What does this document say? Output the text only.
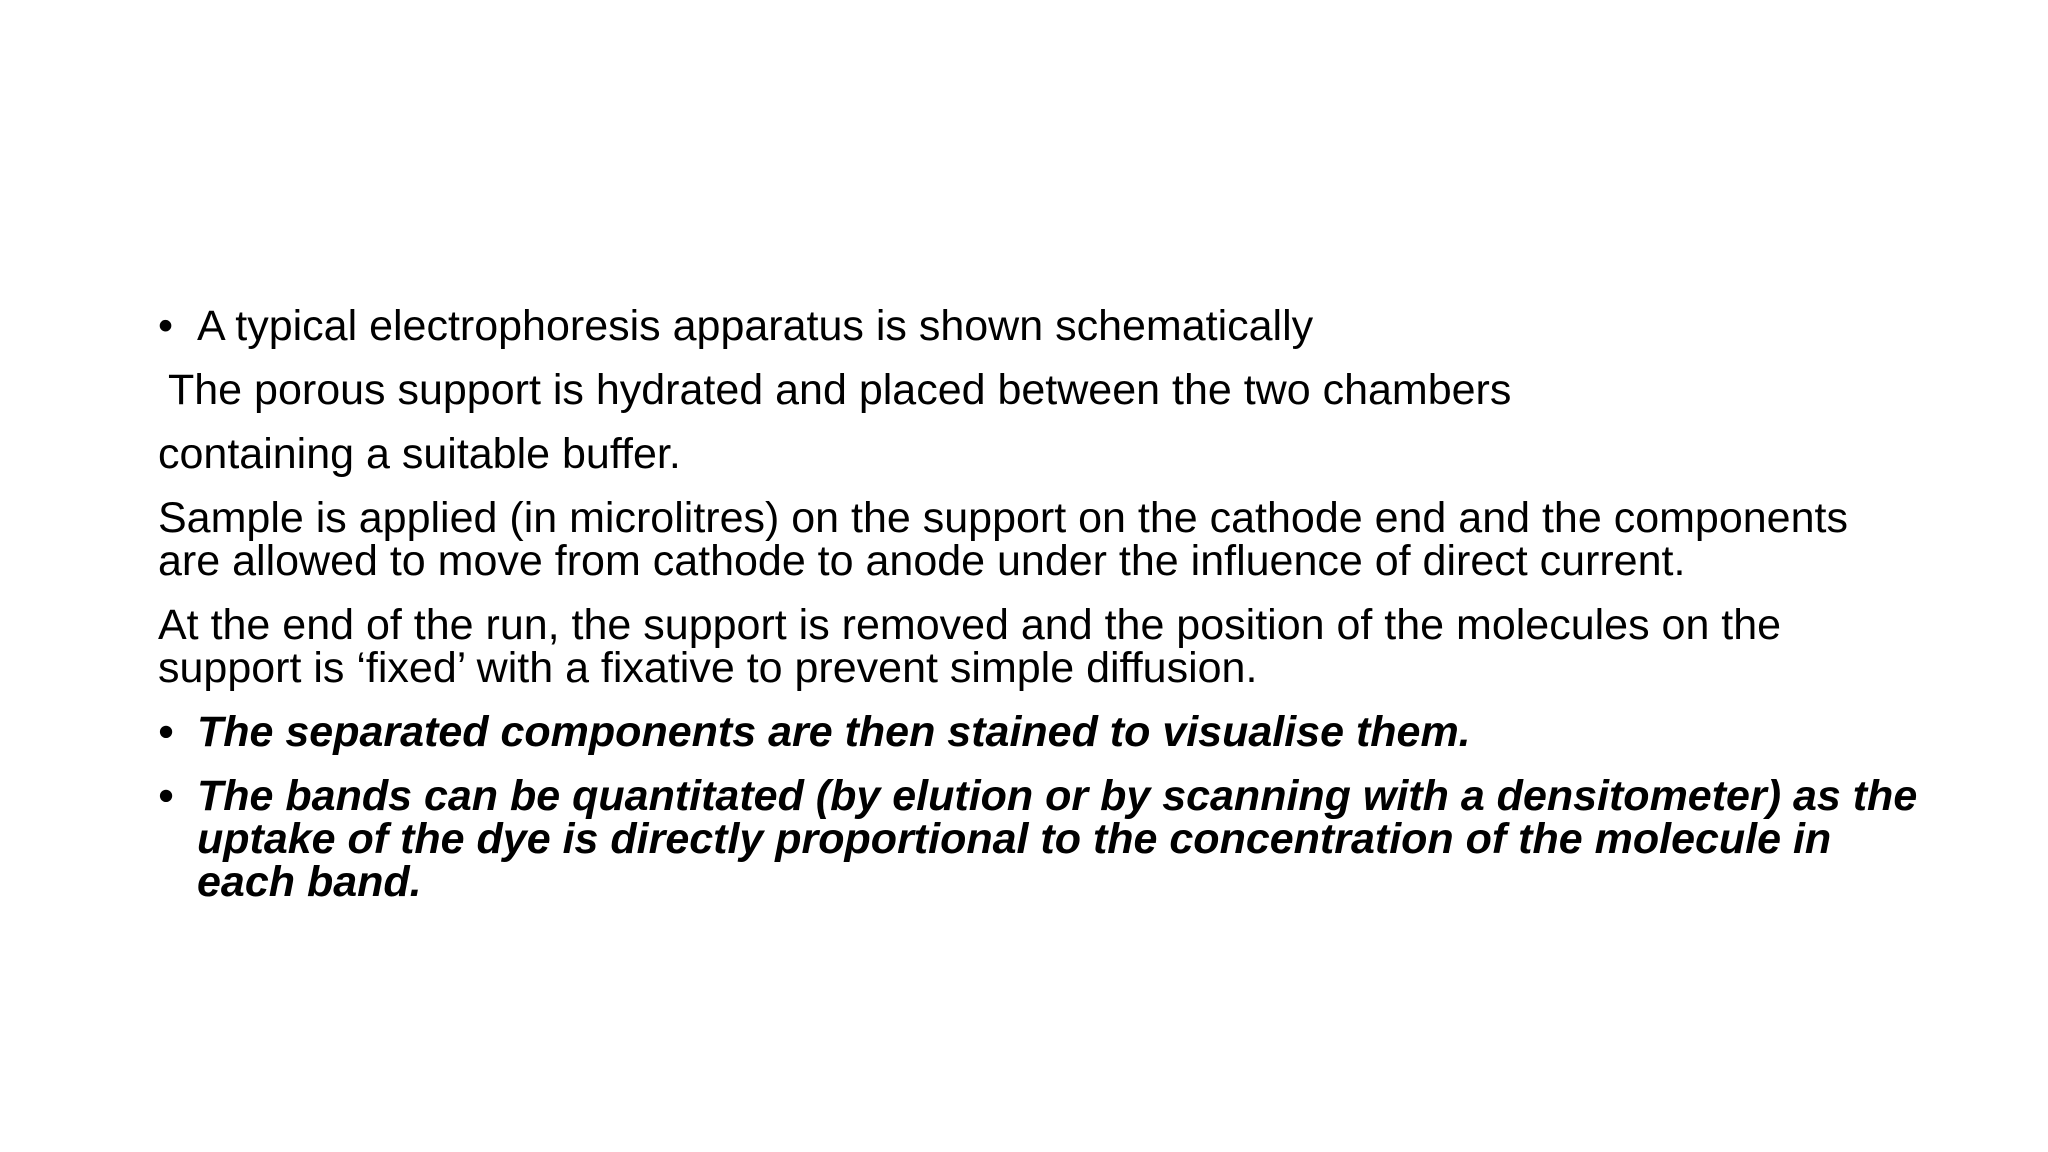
• A typical electrophoresis apparatus is shown schematically
The porous support is hydrated and placed between the two chambers
containing a suitable buffer.
Sample is applied (in microlitres) on the support on the cathode end and the components are allowed to move from cathode to anode under the influence of direct current.
At the end of the run, the support is removed and the position of the molecules on the support is ‘fixed’ with a fixative to prevent simple diffusion.
• The separated components are then stained to visualise them.
• The bands can be quantitated (by elution or by scanning with a densitometer) as the uptake of the dye is directly proportional to the concentration of the molecule in each band.
